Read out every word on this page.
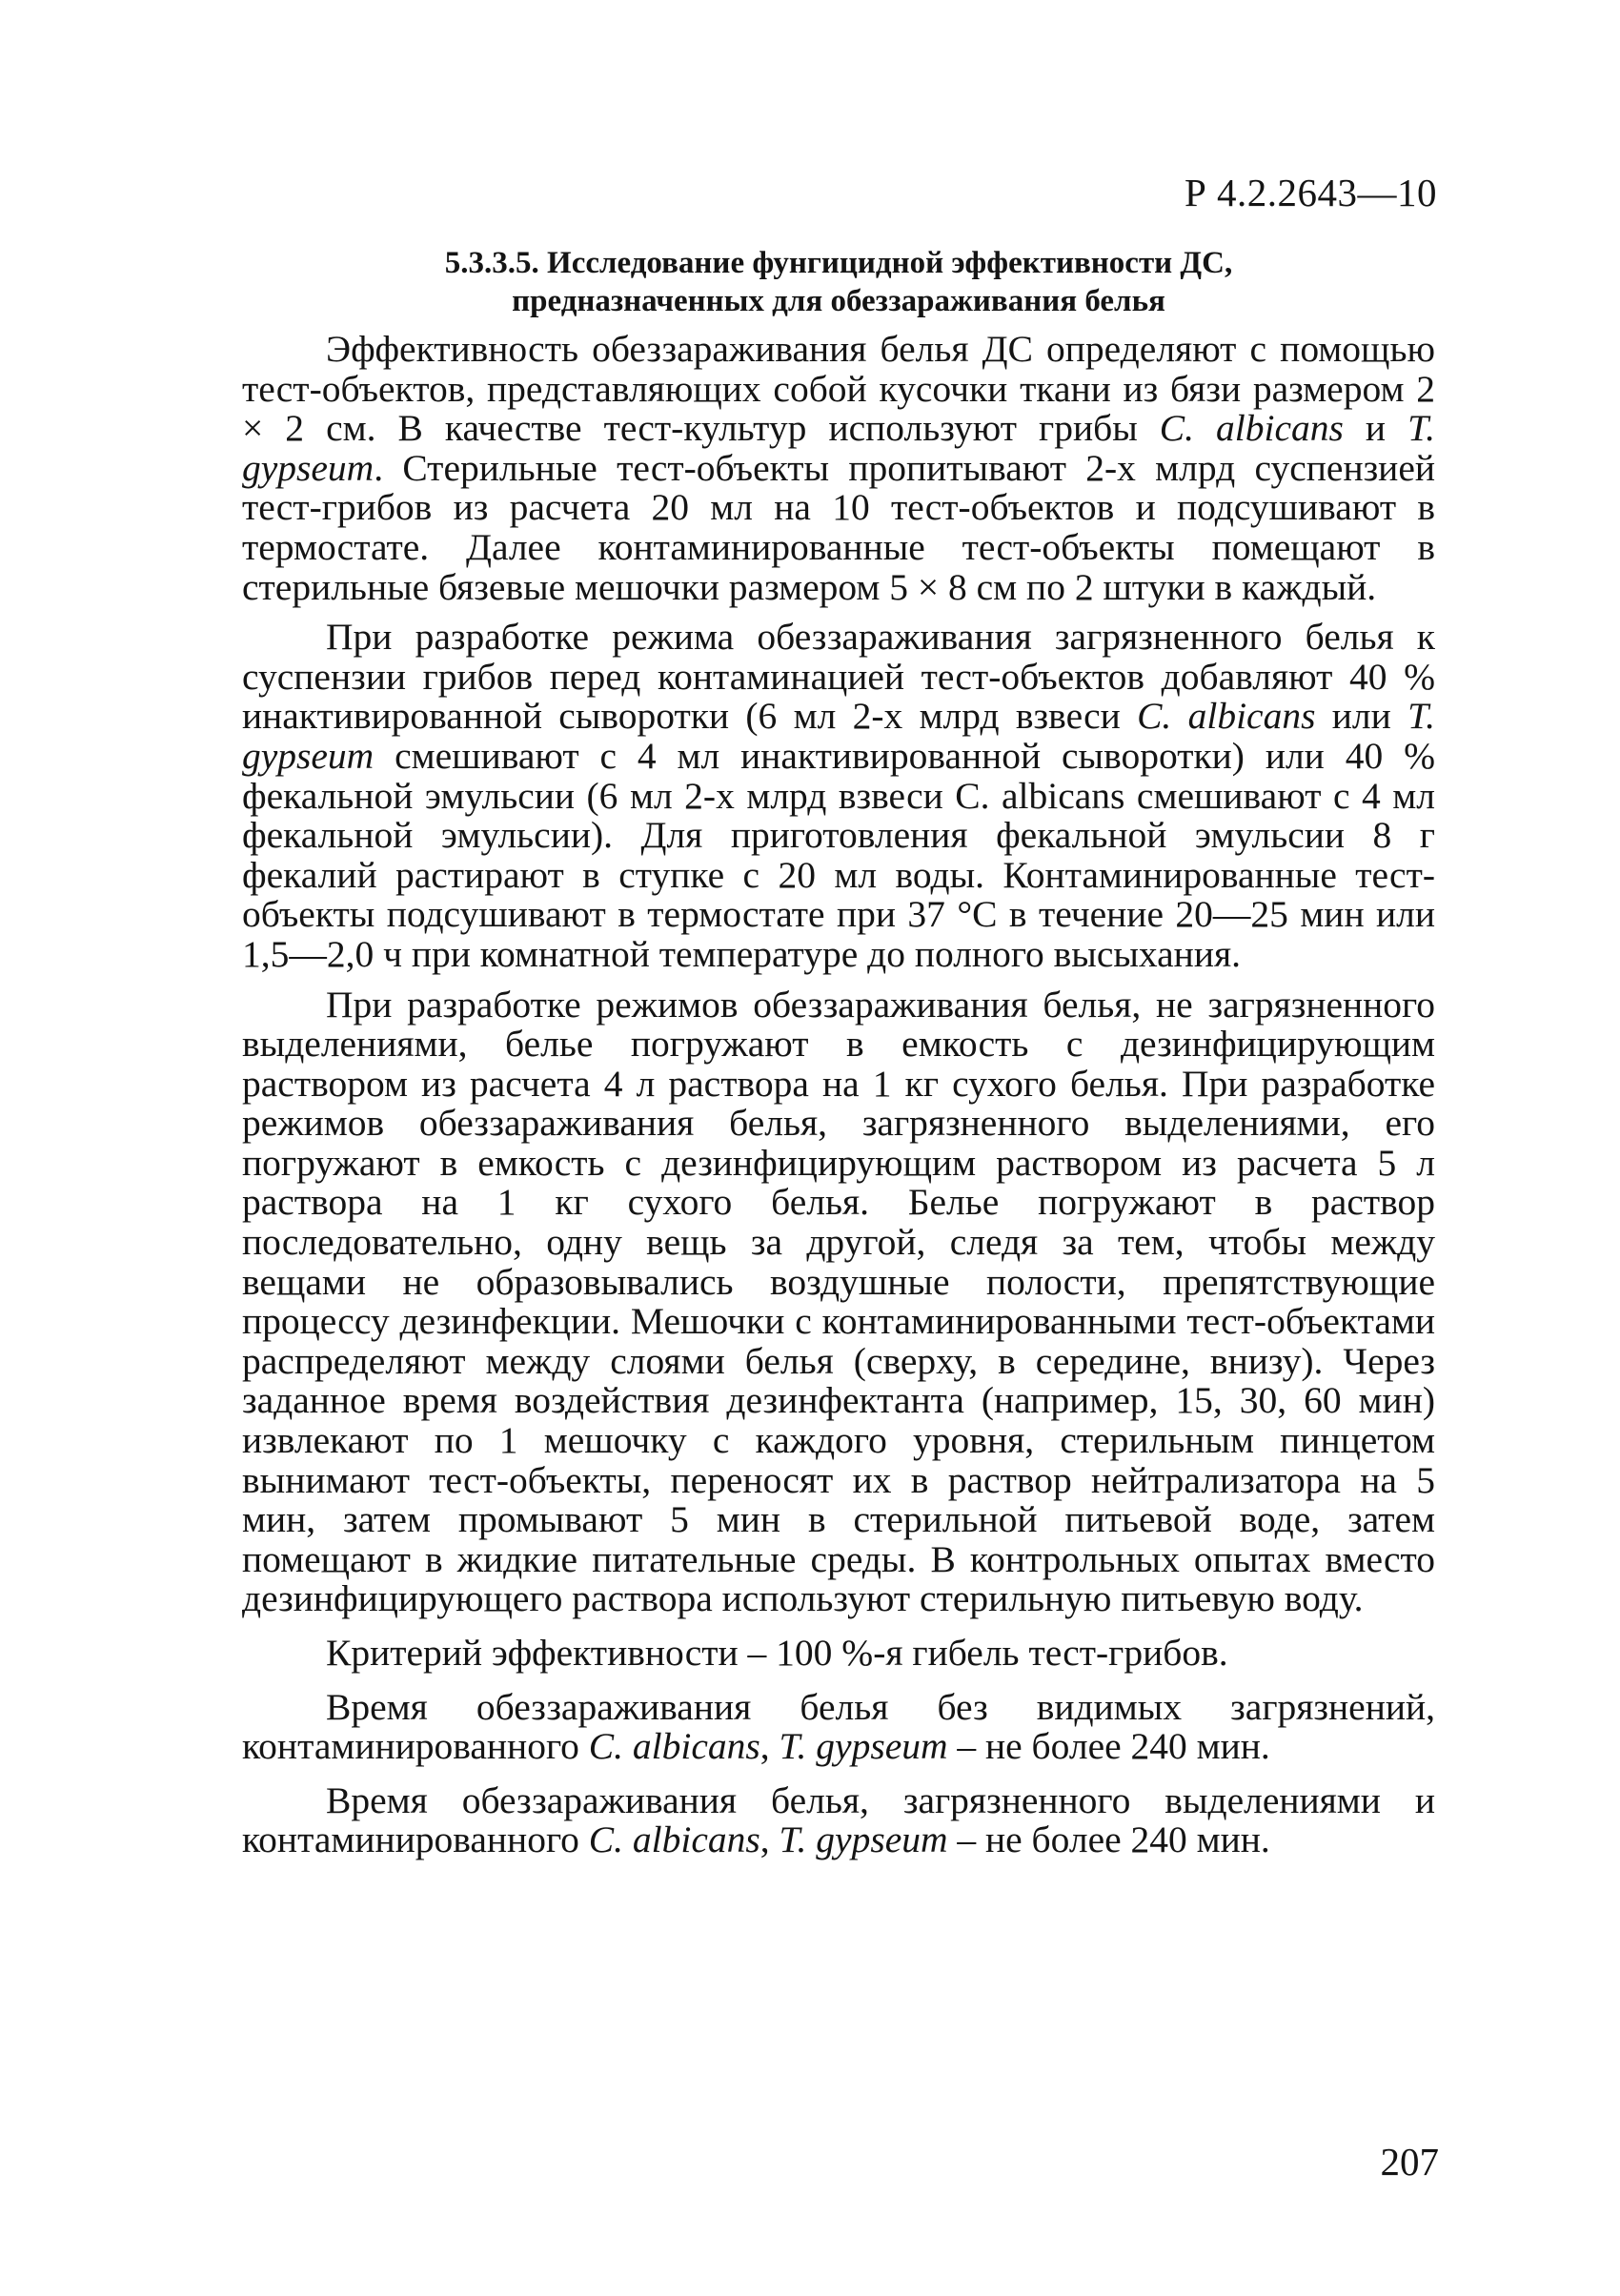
Р 4.2.2643—10
5.3.3.5. Исследование фунгицидной эффективности ДС,
предназначенных для обеззараживания белья

Эффективность обеззараживания белья ДС определяют с помощью тест-объектов, представляющих собой кусочки ткани из бязи размером 2 × 2 см. В качестве тест-культур используют грибы C. albicans и T. gypseum. Стерильные тест-объекты пропитывают 2-х млрд суспензией тест-грибов из расчета 20 мл на 10 тест-объектов и подсушивают в термостате. Далее контаминированные тест-объекты помещают в стерильные бязевые мешочки размером 5 × 8 см по 2 штуки в каждый.

При разработке режима обеззараживания загрязненного белья к суспензии грибов перед контаминацией тест-объектов добавляют 40 % инактивированной сыворотки (6 мл 2-х млрд взвеси C. albicans или T. gypseum смешивают с 4 мл инактивированной сыворотки) или 40 % фекальной эмульсии (6 мл 2-х млрд взвеси C. albicans смешивают с 4 мл фекальной эмульсии). Для приготовления фекальной эмульсии 8 г фекалий растирают в ступке с 20 мл воды. Контаминированные тест-объекты подсушивают в термостате при 37 °С в течение 20—25 мин или 1,5—2,0 ч при комнатной температуре до полного высыхания.

При разработке режимов обеззараживания белья, не загрязненного выделениями, белье погружают в емкость с дезинфицирующим раствором из расчета 4 л раствора на 1 кг сухого белья. При разработке режимов обеззараживания белья, загрязненного выделениями, его погружают в емкость с дезинфицирующим раствором из расчета 5 л раствора на 1 кг сухого белья. Белье погружают в раствор последовательно, одну вещь за другой, следя за тем, чтобы между вещами не образовывались воздушные полости, препятствующие процессу дезинфекции. Мешочки с контаминированными тест-объектами распределяют между слоями белья (сверху, в середине, внизу). Через заданное время воздействия дезинфектанта (например, 15, 30, 60 мин) извлекают по 1 мешочку с каждого уровня, стерильным пинцетом вынимают тест-объекты, переносят их в раствор нейтрализатора на 5 мин, затем промывают 5 мин в стерильной питьевой воде, затем помещают в жидкие питательные среды. В контрольных опытах вместо дезинфицирующего раствора используют стерильную питьевую воду.

Критерий эффективности – 100 %-я гибель тест-грибов.

Время обеззараживания белья без видимых загрязнений, контаминированного C. albicans, T. gypseum – не более 240 мин.

Время обеззараживания белья, загрязненного выделениями и контаминированного C. albicans, T. gypseum – не более 240 мин.

207
